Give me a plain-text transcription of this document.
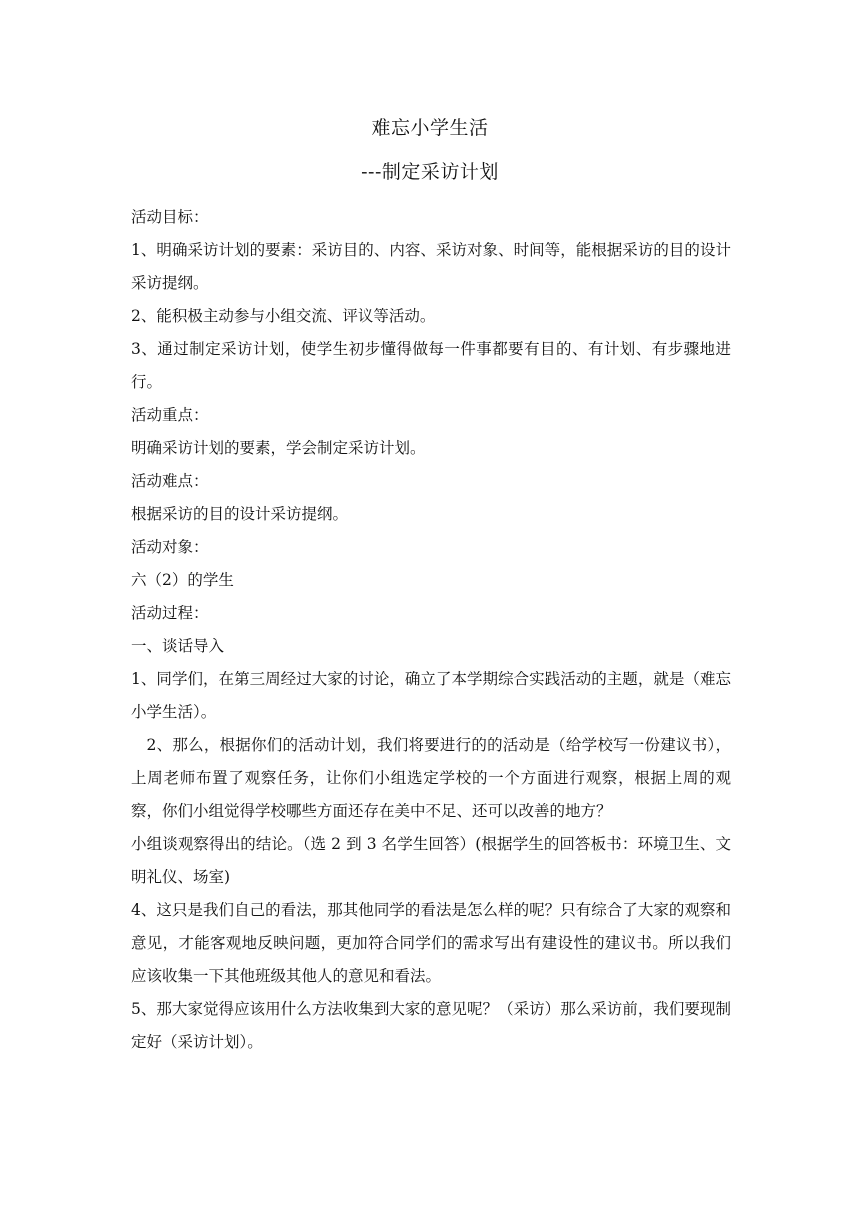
难忘小学生活
---制定采访计划

活动目标：

1、明确采访计划的要素：采访目的、内容、采访对象、时间等，能根据采访的目的设计采访提纲。

2、能积极主动参与小组交流、评议等活动。

3、通过制定采访计划，使学生初步懂得做每一件事都要有目的、有计划、有步骤地进行。

活动重点：

明确采访计划的要素，学会制定采访计划。

活动难点：

根据采访的目的设计采访提纲。

活动对象：

六（2）的学生

活动过程：

一、谈话导入

1、同学们，在第三周经过大家的讨论，确立了本学期综合实践活动的主题，就是（难忘小学生活）。

2、那么，根据你们的活动计划，我们将要进行的的活动是（给学校写一份建议书），上周老师布置了观察任务，让你们小组选定学校的一个方面进行观察，根据上周的观察，你们小组觉得学校哪些方面还存在美中不足、还可以改善的地方？

小组谈观察得出的结论。（选 2 到 3 名学生回答）(根据学生的回答板书：环境卫生、文明礼仪、场室)

4、这只是我们自己的看法，那其他同学的看法是怎么样的呢？只有综合了大家的观察和意见，才能客观地反映问题，更加符合同学们的需求写出有建设性的建议书。所以我们应该收集一下其他班级其他人的意见和看法。

5、那大家觉得应该用什么方法收集到大家的意见呢？（采访）那么采访前，我们要现制定好（采访计划）。
